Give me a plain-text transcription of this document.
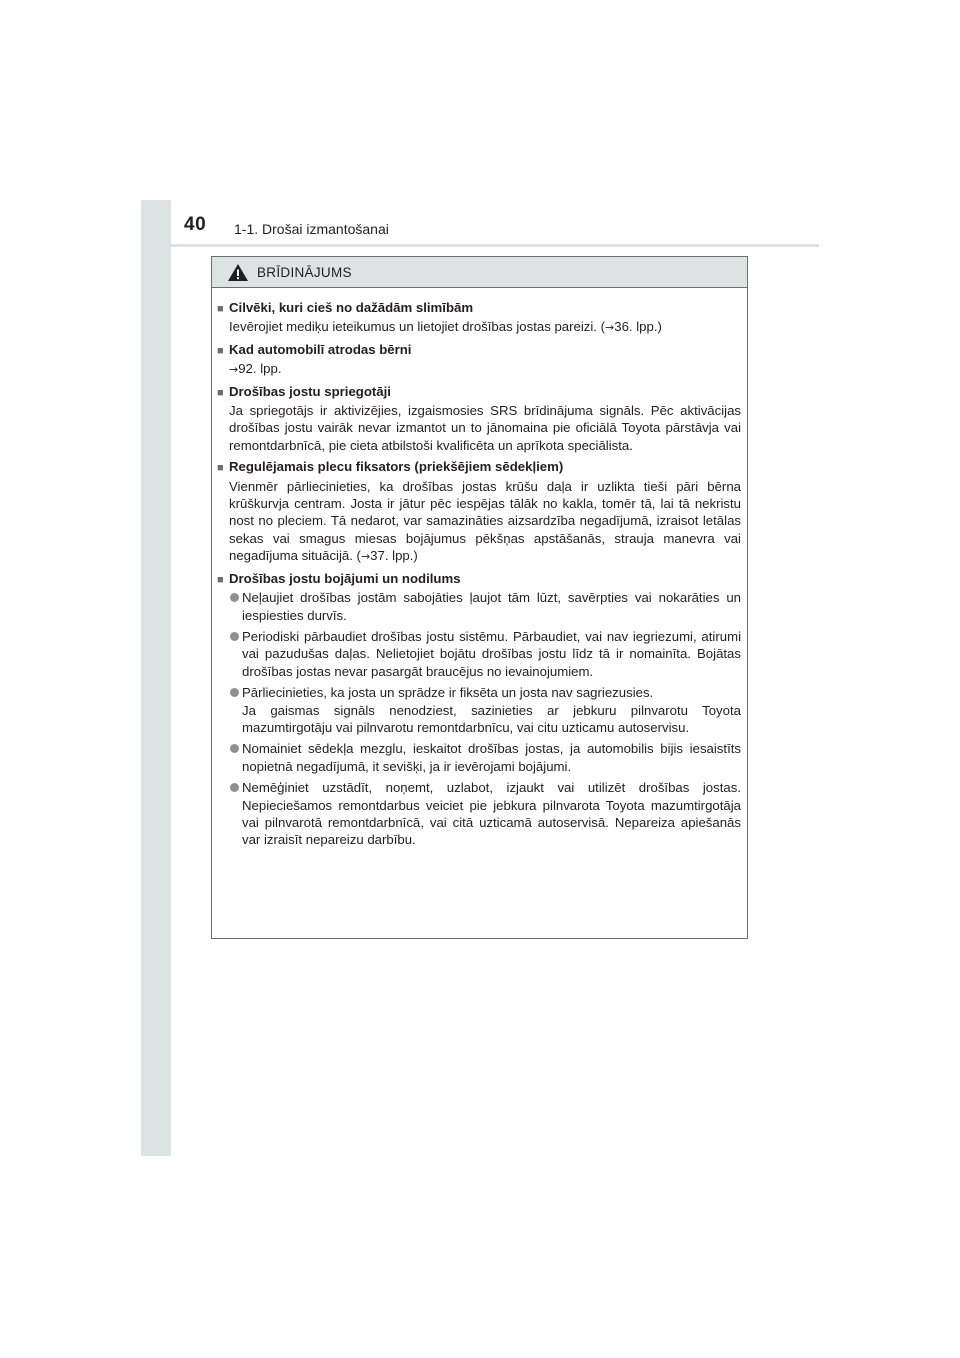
40 1-1. Drošai izmantošanai
BRĪDINĀJUMS
■ Cilvēki, kuri cieš no dažādām slimībām
Ievērojiet mediķu ieteikumus un lietojiet drošības jostas pareizi. (→36. lpp.)
■ Kad automobilī atrodas bērni
→92. lpp.
■ Drošības jostu spriegotāji
Ja spriegotājs ir aktivizējies, izgaismosies SRS brīdinājuma signāls. Pēc aktivācijas drošības jostu vairāk nevar izmantot un to jānomaina pie oficiālā Toyota pārstāvja vai remontdarbnīcā, pie cieta atbilstoši kvalificēta un aprīkota speciālista.
■ Regulējamais plecu fiksators (priekšējiem sēdekļiem)
Vienmēr pārliecinieties, ka drošības jostas krūšu daļa ir uzlikta tieši pāri bērna krūškurvja centram. Josta ir jātur pēc iespējas tālāk no kakla, tomēr tā, lai tā nekristu nost no pleciem. Tā nedarot, var samazināties aizsardzība negadījumā, izraisot letālas sekas vai smagus miesas bojājumus pēkšņas apstāšanās, strauja manevra vai negadījuma situācijā. (→37. lpp.)
■ Drošības jostu bojājumi un nodilums
Neļaujiet drošības jostām sabojāties ļaujot tām lūzt, savērpties vai nokarāties un iespiesties durvīs.
Periodiski pārbaudiet drošības jostu sistēmu. Pārbaudiet, vai nav iegriezumi, atirumi vai pazudušas daļas. Nelietojiet bojātu drošības jostu līdz tā ir nomainīta. Bojātas drošības jostas nevar pasargāt braucējus no ievainojumiem.
Pārliecinieties, ka josta un sprādze ir fiksēta un josta nav sagriezusies.
Ja gaismas signāls nenodziest, sazinieties ar jebkuru pilnvarotu Toyota mazumtirgotāju vai pilnvarotu remontdarbnīcu, vai citu uzticamu autoservisu.
Nomainiet sēdekļa mezglu, ieskaitot drošības jostas, ja automobilis bijis iesaistīts nopietnā negadījumā, it sevišķi, ja ir ievērojami bojājumi.
Nemēģiniet uzstādīt, noņemt, uzlabot, izjaukt vai utilizēt drošības jostas. Nepieciešamos remontdarbus veiciet pie jebkura pilnvarota Toyota mazumtirgotāja vai pilnvarotā remontdarbnīcā, vai citā uzticamā autoservisā. Nepareiza apiešanās var izraisīt nepareizu darbību.
